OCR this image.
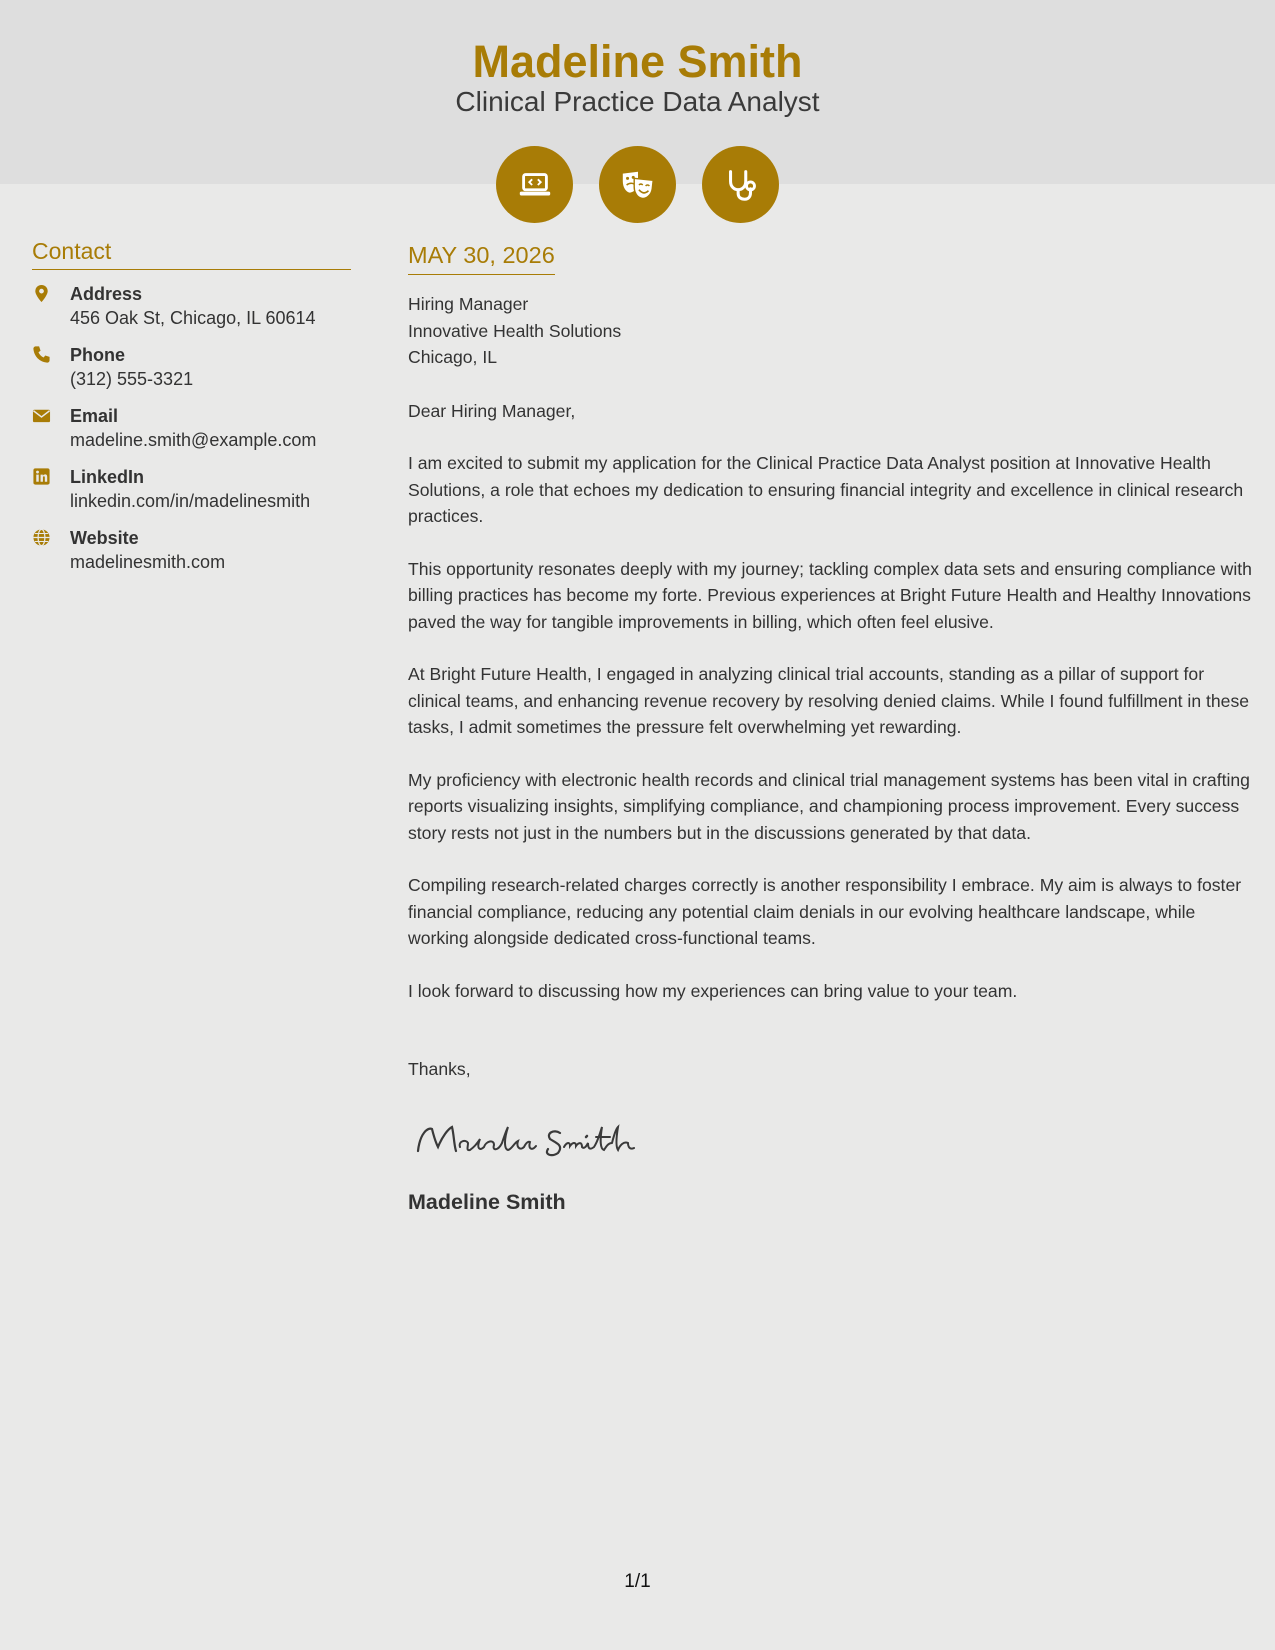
Madeline Smith
Clinical Practice Data Analyst
Contact
Address
456 Oak St, Chicago, IL 60614
Phone
(312) 555-3321
Email
madeline.smith@example.com
LinkedIn
linkedin.com/in/madelinesmith
Website
madelinesmith.com
MAY 30, 2026
Hiring Manager
Innovative Health Solutions
Chicago, IL
Dear Hiring Manager,

I am excited to submit my application for the Clinical Practice Data Analyst position at Innovative Health Solutions, a role that echoes my dedication to ensuring financial integrity and excellence in clinical research practices.

This opportunity resonates deeply with my journey; tackling complex data sets and ensuring compliance with billing practices has become my forte. Previous experiences at Bright Future Health and Healthy Innovations paved the way for tangible improvements in billing, which often feel elusive.

At Bright Future Health, I engaged in analyzing clinical trial accounts, standing as a pillar of support for clinical teams, and enhancing revenue recovery by resolving denied claims. While I found fulfillment in these tasks, I admit sometimes the pressure felt overwhelming yet rewarding.

My proficiency with electronic health records and clinical trial management systems has been vital in crafting reports visualizing insights, simplifying compliance, and championing process improvement. Every success story rests not just in the numbers but in the discussions generated by that data.

Compiling research-related charges correctly is another responsibility I embrace. My aim is always to foster financial compliance, reducing any potential claim denials in our evolving healthcare landscape, while working alongside dedicated cross-functional teams.

I look forward to discussing how my experiences can bring value to your team.

Thanks,
Madeline Smith
1/1
